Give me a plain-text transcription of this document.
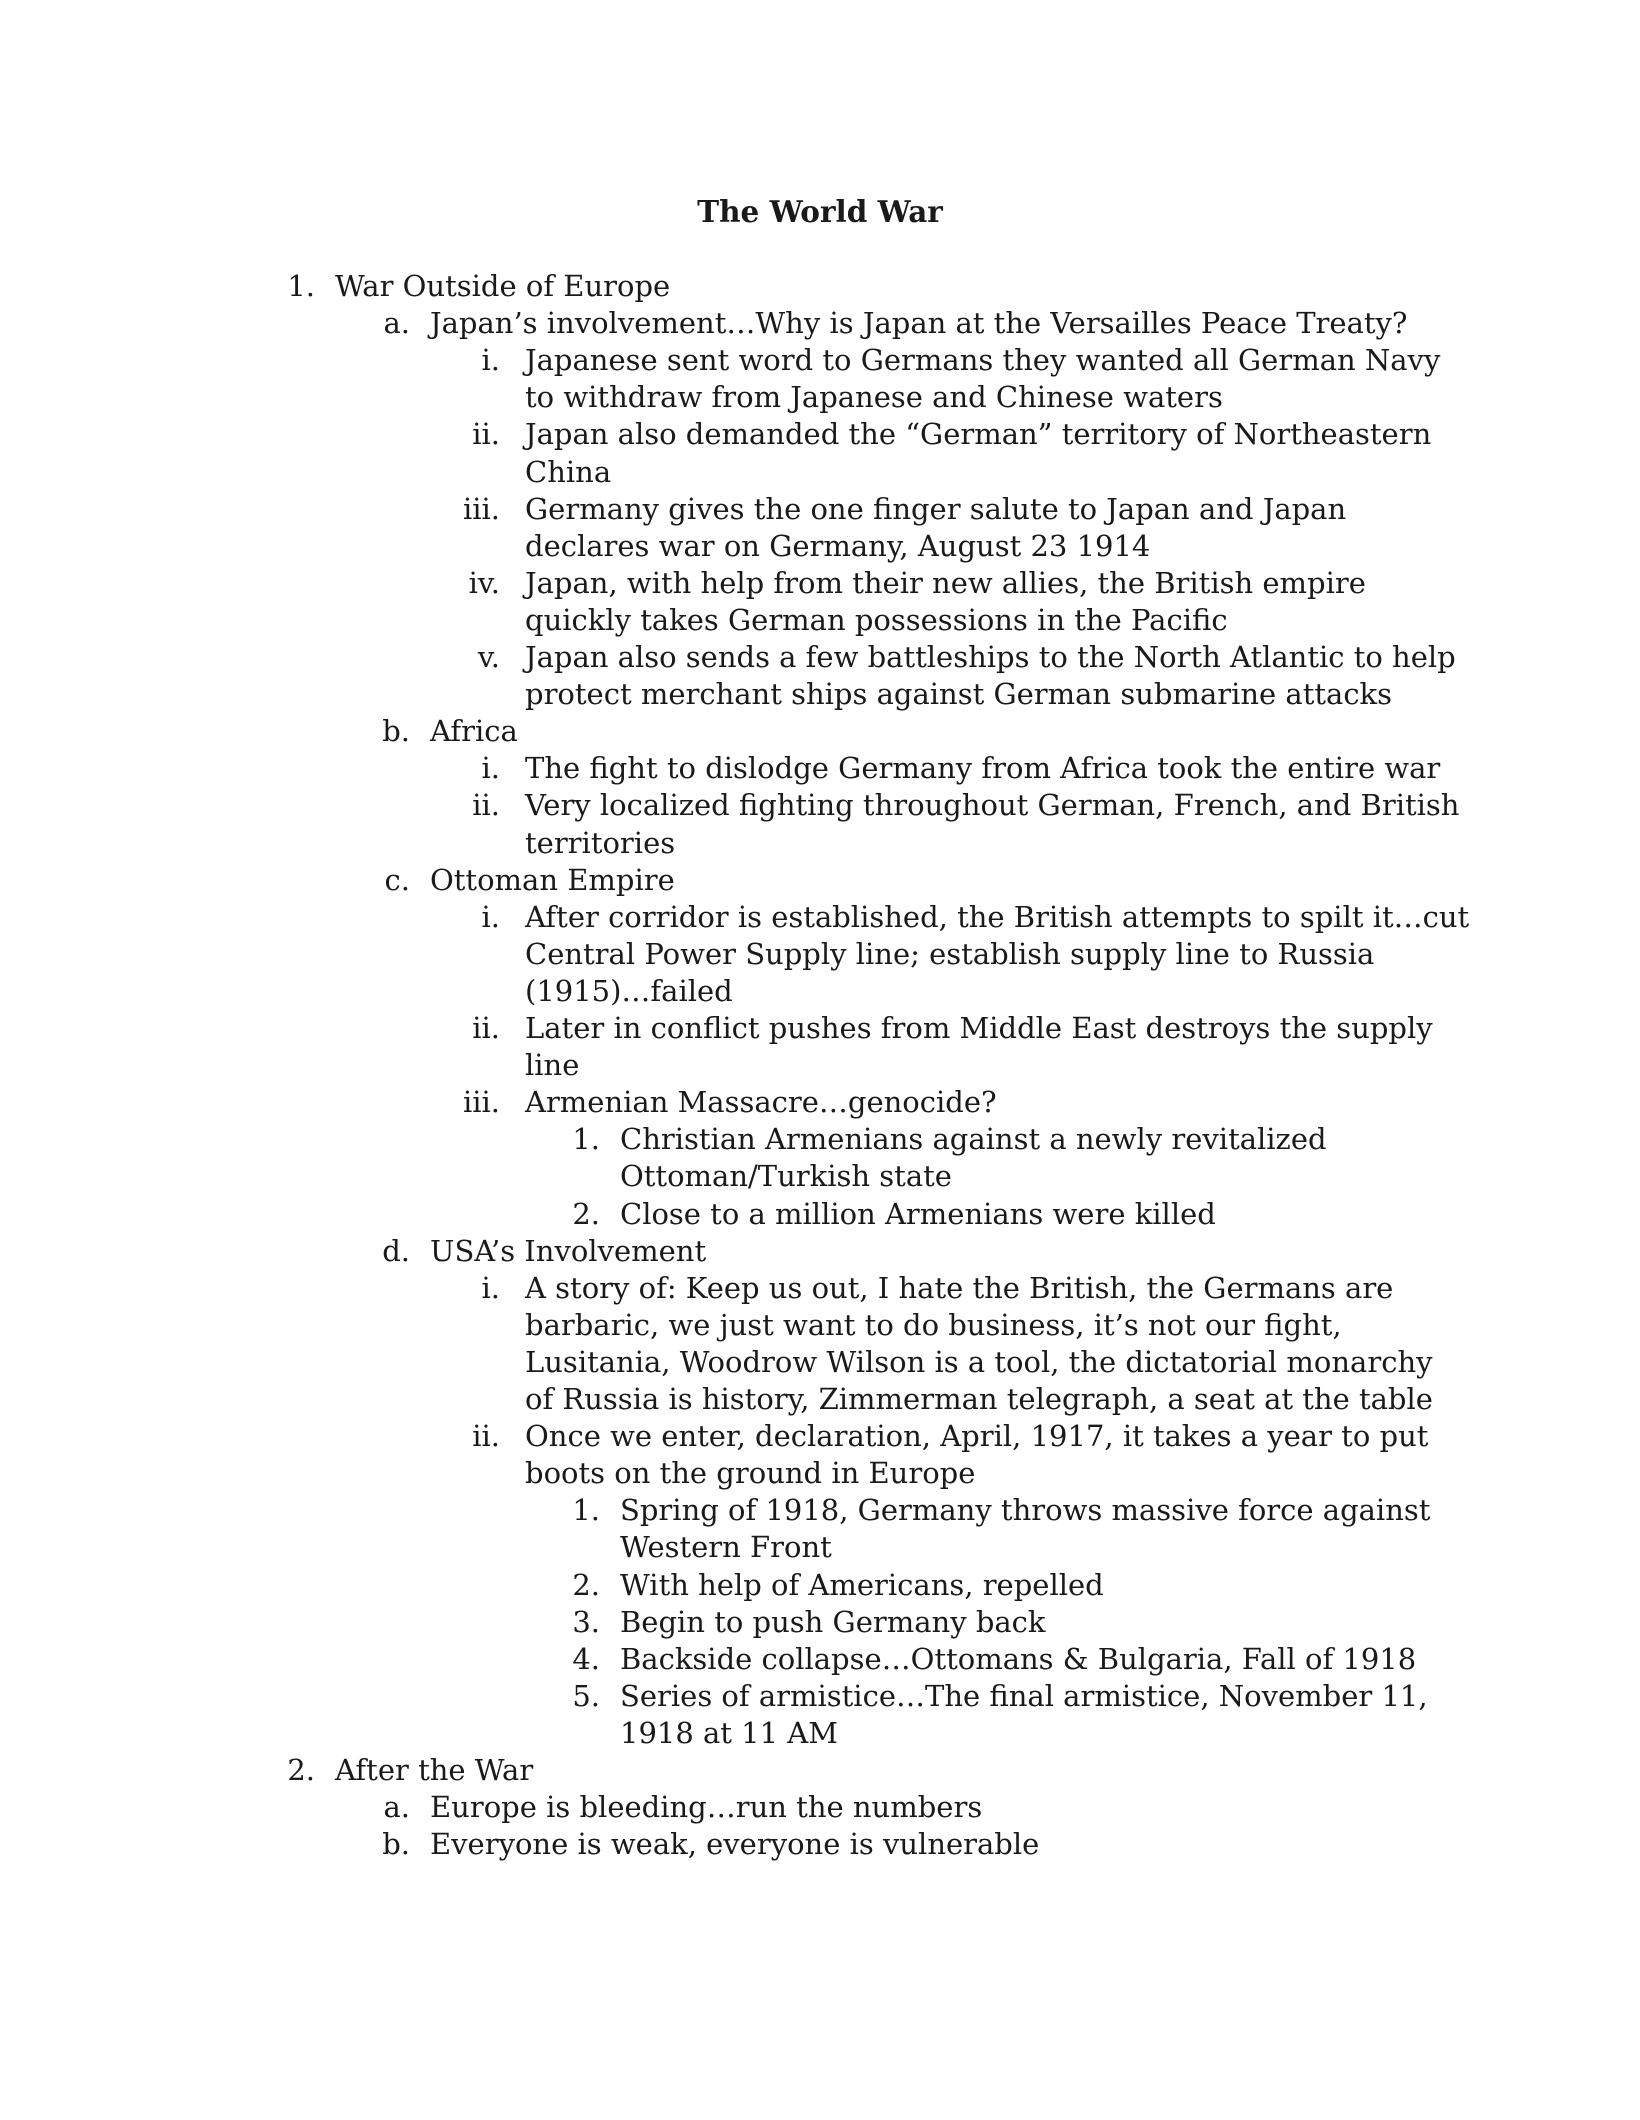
The World War
1. War Outside of Europe
a. Japan’s involvement…Why is Japan at the Versailles Peace Treaty?
i. Japanese sent word to Germans they wanted all German Navy
to withdraw from Japanese and Chinese waters
ii. Japan also demanded the “German” territory of Northeastern
China
iii. Germany gives the one finger salute to Japan and Japan
declares war on Germany, August 23 1914
iv. Japan, with help from their new allies, the British empire
quickly takes German possessions in the Pacific
v. Japan also sends a few battleships to the North Atlantic to help
protect merchant ships against German submarine attacks
b. Africa
i. The fight to dislodge Germany from Africa took the entire war
ii. Very localized fighting throughout German, French, and British
territories
c. Ottoman Empire
i. After corridor is established, the British attempts to spilt it…cut
Central Power Supply line; establish supply line to Russia
(1915)…failed
ii. Later in conflict pushes from Middle East destroys the supply
line
iii. Armenian Massacre…genocide?
1. Christian Armenians against a newly revitalized
Ottoman/Turkish state
2. Close to a million Armenians were killed
d. USA’s Involvement
i. A story of: Keep us out, I hate the British, the Germans are
barbaric, we just want to do business, it’s not our fight,
Lusitania, Woodrow Wilson is a tool, the dictatorial monarchy
of Russia is history, Zimmerman telegraph, a seat at the table
ii. Once we enter, declaration, April, 1917, it takes a year to put
boots on the ground in Europe
1. Spring of 1918, Germany throws massive force against
Western Front
2. With help of Americans, repelled
3. Begin to push Germany back
4. Backside collapse…Ottomans & Bulgaria, Fall of 1918
5. Series of armistice…The final armistice, November 11,
1918 at 11 AM
2. After the War
a. Europe is bleeding…run the numbers
b. Everyone is weak, everyone is vulnerable
